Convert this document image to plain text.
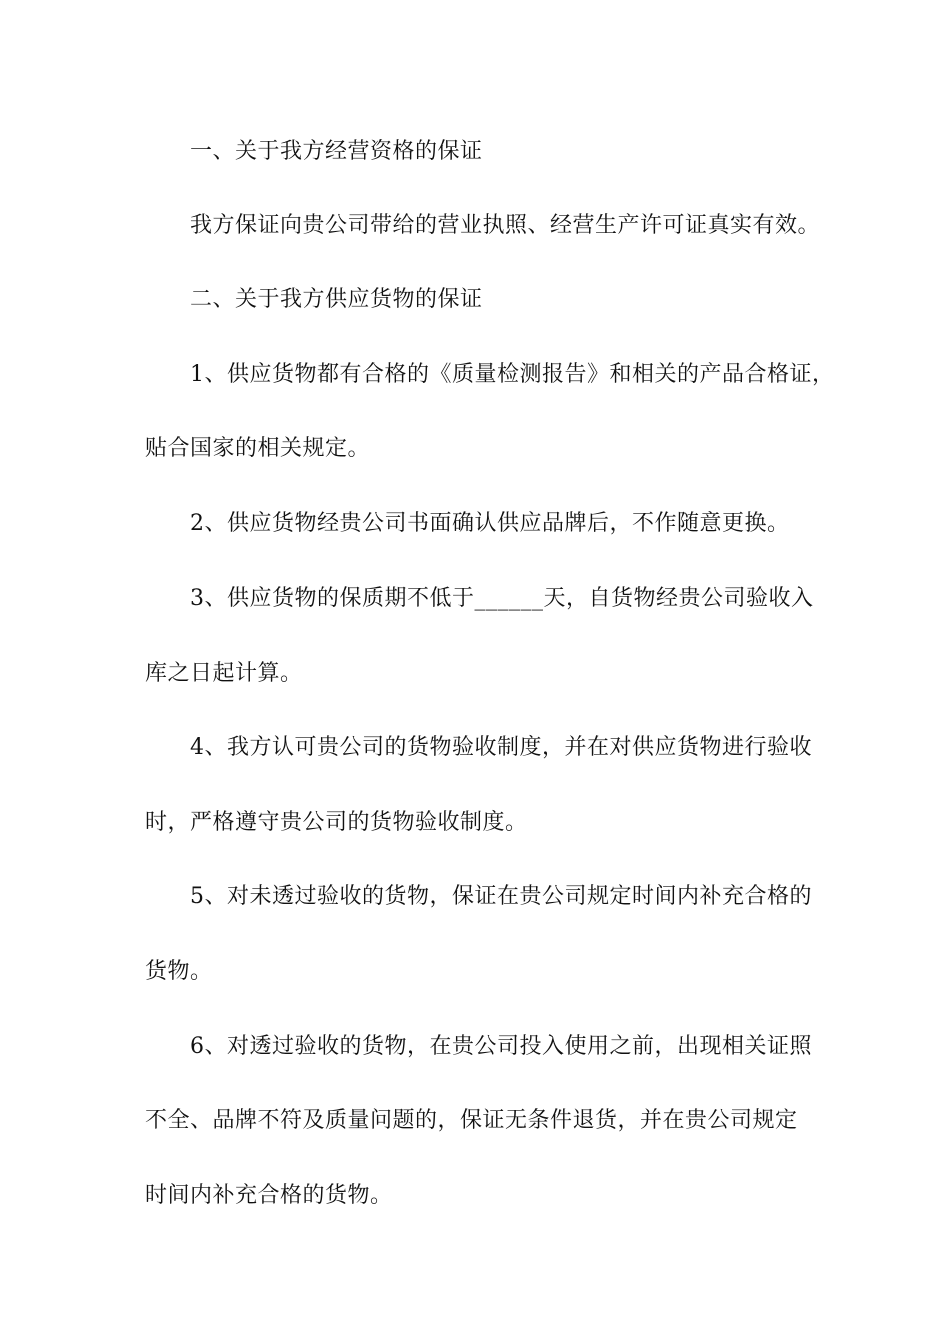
一、关于我方经营资格的保证
我方保证向贵公司带给的营业执照、经营生产许可证真实有效。
二、关于我方供应货物的保证
1、供应货物都有合格的《质量检测报告》和相关的产品合格证，
贴合国家的相关规定。
2、供应货物经贵公司书面确认供应品牌后，不作随意更换。
3、供应货物的保质期不低于______天，自货物经贵公司验收入
库之日起计算。
4、我方认可贵公司的货物验收制度，并在对供应货物进行验收
时，严格遵守贵公司的货物验收制度。
5、对未透过验收的货物，保证在贵公司规定时间内补充合格的
货物。
6、对透过验收的货物，在贵公司投入使用之前，出现相关证照
不全、品牌不符及质量问题的，保证无条件退货，并在贵公司规定
时间内补充合格的货物。
